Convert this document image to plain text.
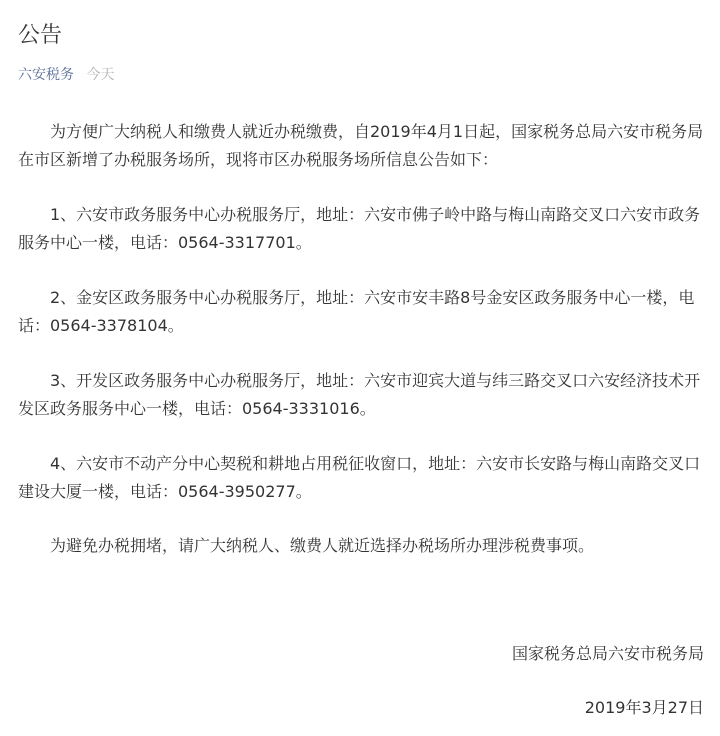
公告
六安税务 今天

为方便广大纳税人和缴费人就近办税缴费，自2019年4月1日起，国家税务总局六安市税务局在市区新增了办税服务场所，现将市区办税服务场所信息公告如下：

1、六安市政务服务中心办税服务厅，地址：六安市佛子岭中路与梅山南路交叉口六安市政务服务中心一楼，电话：0564-3317701。

2、金安区政务服务中心办税服务厅，地址：六安市安丰路8号金安区政务服务中心一楼，电话：0564-3378104。

3、开发区政务服务中心办税服务厅，地址：六安市迎宾大道与纬三路交叉口六安经济技术开发区政务服务中心一楼，电话：0564-3331016。

4、六安市不动产分中心契税和耕地占用税征收窗口，地址：六安市长安路与梅山南路交叉口建设大厦一楼，电话：0564-3950277。

为避免办税拥堵，请广大纳税人、缴费人就近选择办税场所办理涉税费事项。

国家税务总局六安市税务局

2019年3月27日
